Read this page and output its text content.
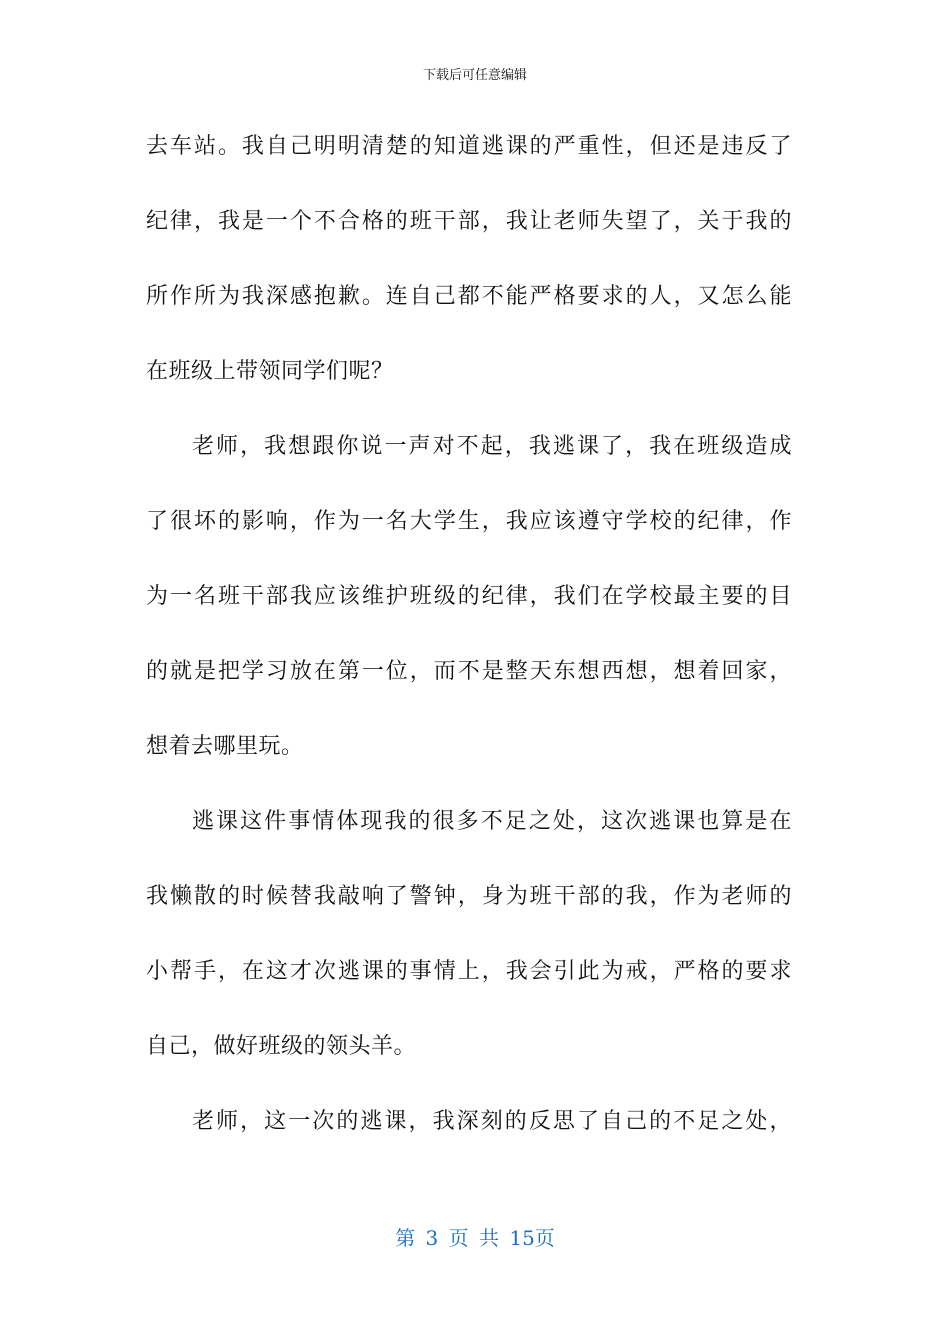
下载后可任意编辑
去车站。我自己明明清楚的知道逃课的严重性，但还是违反了
纪律，我是一个不合格的班干部，我让老师失望了，关于我的
所作所为我深感抱歉。连自己都不能严格要求的人，又怎么能
在班级上带领同学们呢？
老师，我想跟你说一声对不起，我逃课了，我在班级造成
了很坏的影响，作为一名大学生，我应该遵守学校的纪律，作
为一名班干部我应该维护班级的纪律，我们在学校最主要的目
的就是把学习放在第一位，而不是整天东想西想，想着回家，
想着去哪里玩。
逃课这件事情体现我的很多不足之处，这次逃课也算是在
我懒散的时候替我敲响了警钟，身为班干部的我，作为老师的
小帮手，在这才次逃课的事情上，我会引此为戒，严格的要求
自己，做好班级的领头羊。
老师，这一次的逃课，我深刻的反思了自己的不足之处，
第 3 页 共 15页
